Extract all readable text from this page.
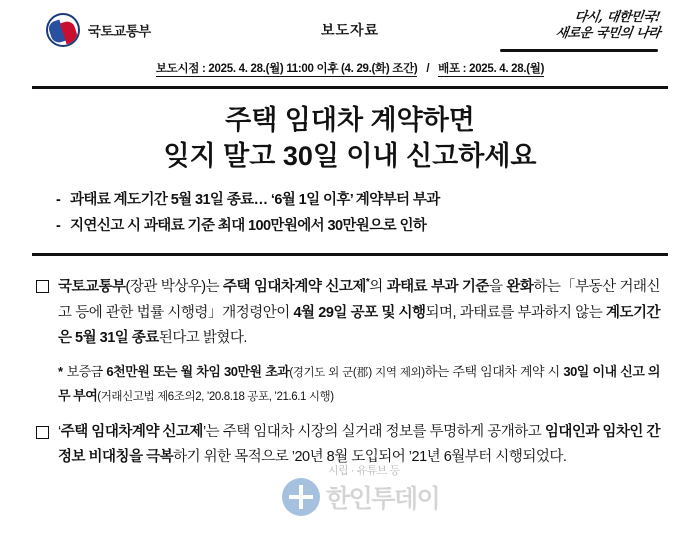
국토교통부	보도자료
다시, 대한민국!
새로운 국민의 나라
보도시점 : 2025. 4. 28.(월) 11:00 이후 (4. 29.(화) 조간) / 배포 : 2025. 4. 28.(월)
주택 임대차 계약하면
잊지 말고 30일 이내 신고하세요
- 과태료 계도기간 5월 31일 종료… ‘6월 1일 이후’ 계약부터 부과
- 지연신고 시 과태료 기준 최대 100만원에서 30만원으로 인하
국토교통부(장관 박상우)는 주택 임대차계약 신고제*의 과태료 부과 기준을 완화하는「부동산 거래신고 등에 관한 법률 시행령」개정령안이 4월 29일 공포 및 시행되며, 과태료를 부과하지 않는 계도기간은 5월 31일 종료된다고 밝혔다.
* 보증금 6천만원 또는 월 차임 30만원 초과(경기도 외 군(郡) 지역 제외)하는 주택 임대차 계약 시 30일 이내 신고 의무 부여(거래신고법 제6조의2, ’20.8.18 공포, ’21.6.1 시행)
‘주택 임대차계약 신고제’는 주택 임대차 시장의 실거래 정보를 투명하게 공개하고 임대인과 임차인 간 정보 비대칭을 극복하기 위한 목적으로 ’20년 8월 도입되어 ’21년 6월부터 시행되었다.
시립 · 유튜브 등
한인투데이
